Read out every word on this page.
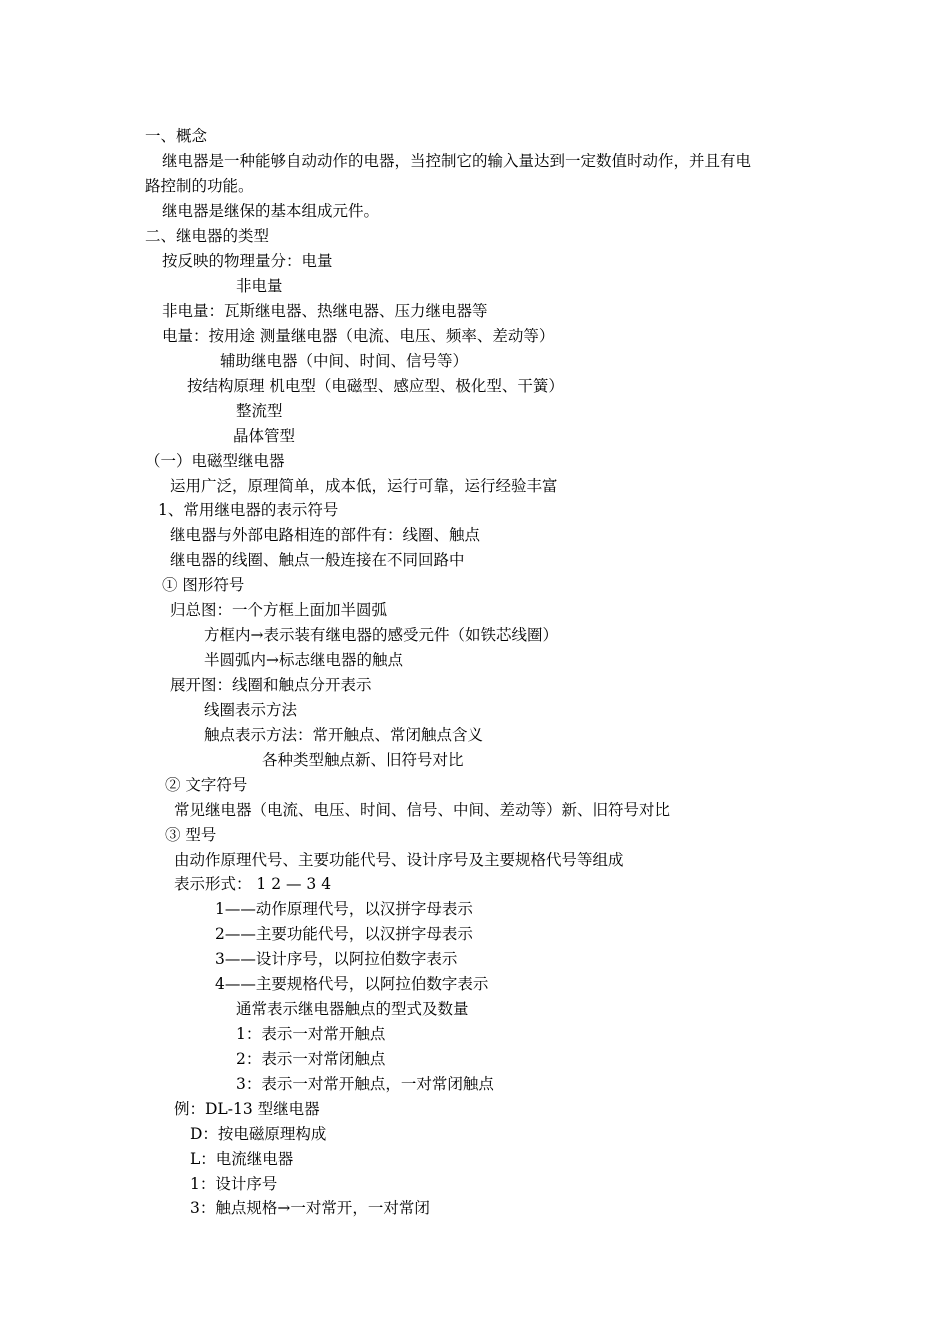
一、概念
继电器是一种能够自动动作的电器，当控制它的输入量达到一定数值时动作，并且有电
路控制的功能。
继电器是继保的基本组成元件。
二、继电器的类型
按反映的物理量分：电量
非电量
非电量：瓦斯继电器、热继电器、压力继电器等
电量：按用途 测量继电器（电流、电压、频率、差动等）
辅助继电器（中间、时间、信号等）
按结构原理 机电型（电磁型、感应型、极化型、干簧）
整流型
晶体管型
（一）电磁型继电器
运用广泛，原理简单，成本低，运行可靠，运行经验丰富
1、常用继电器的表示符号
继电器与外部电路相连的部件有：线圈、触点
继电器的线圈、触点一般连接在不同回路中
① 图形符号
归总图：一个方框上面加半圆弧
方框内→表示装有继电器的感受元件（如铁芯线圈）
半圆弧内→标志继电器的触点
展开图：线圈和触点分开表示
线圈表示方法
触点表示方法：常开触点、常闭触点含义
各种类型触点新、旧符号对比
② 文字符号
常见继电器（电流、电压、时间、信号、中间、差动等）新、旧符号对比
③ 型号
由动作原理代号、主要功能代号、设计序号及主要规格代号等组成
表示形式： 1 2 — 3 4
1——动作原理代号，以汉拼字母表示
2——主要功能代号，以汉拼字母表示
3——设计序号，以阿拉伯数字表示
4——主要规格代号，以阿拉伯数字表示
通常表示继电器触点的型式及数量
1：表示一对常开触点
2：表示一对常闭触点
3：表示一对常开触点，一对常闭触点
例：DL-13 型继电器
D：按电磁原理构成
L：电流继电器
1：设计序号
3：触点规格→一对常开，一对常闭
